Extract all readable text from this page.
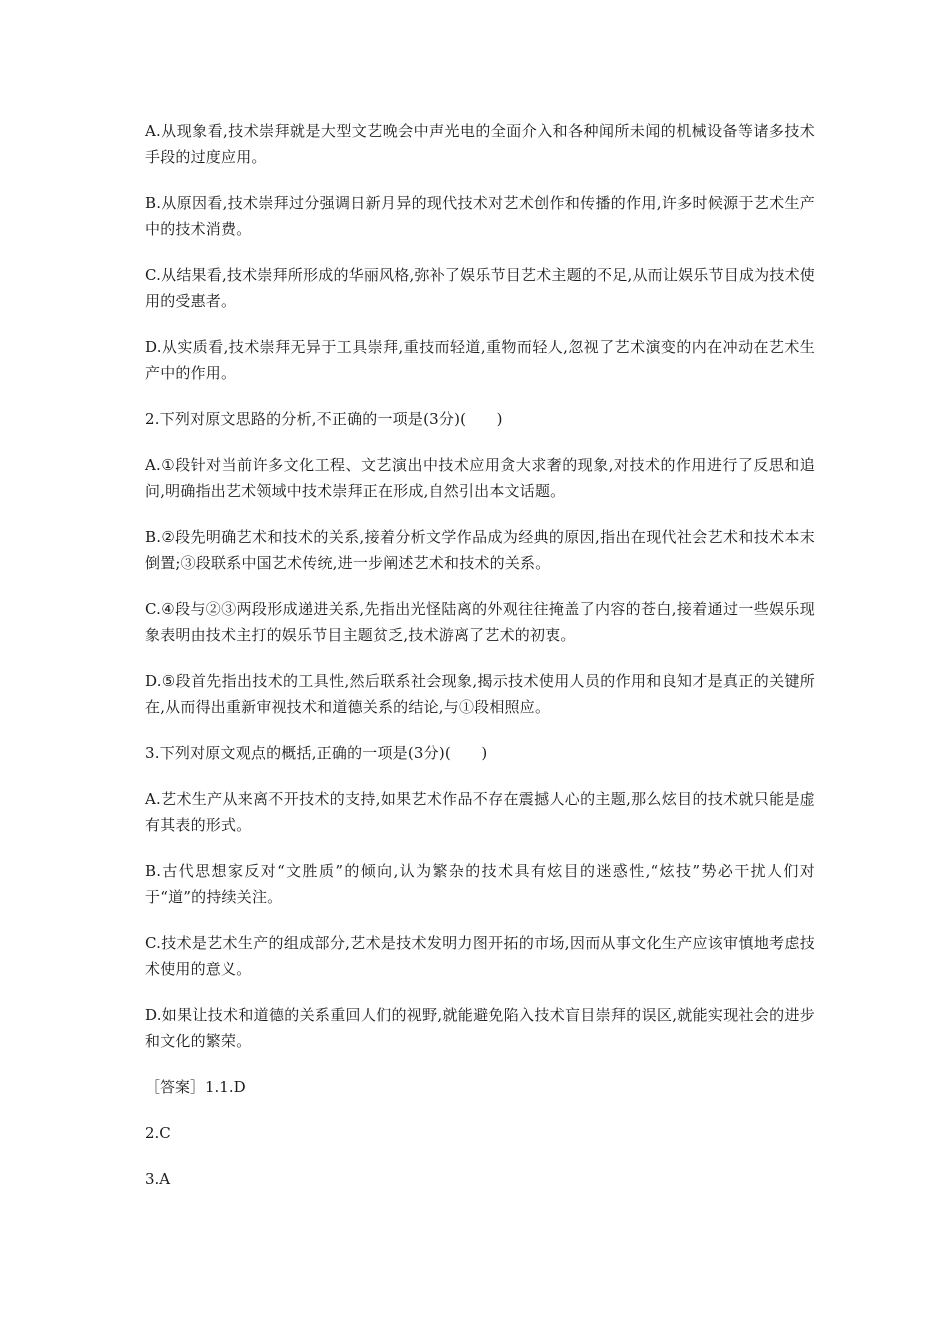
A.从现象看,技术崇拜就是大型文艺晚会中声光电的全面介入和各种闻所未闻的机械设备等诸多技术手段的过度应用。

B.从原因看,技术崇拜过分强调日新月异的现代技术对艺术创作和传播的作用,许多时候源于艺术生产中的技术消费。

C.从结果看,技术崇拜所形成的华丽风格,弥补了娱乐节目艺术主题的不足,从而让娱乐节目成为技术使用的受惠者。

D.从实质看,技术崇拜无异于工具崇拜,重技而轻道,重物而轻人,忽视了艺术演变的内在冲动在艺术生产中的作用。

2.下列对原文思路的分析,不正确的一项是(3分)(　　)

A.①段针对当前许多文化工程、文艺演出中技术应用贪大求奢的现象,对技术的作用进行了反思和追问,明确指出艺术领域中技术崇拜正在形成,自然引出本文话题。

B.②段先明确艺术和技术的关系,接着分析文学作品成为经典的原因,指出在现代社会艺术和技术本末倒置;③段联系中国艺术传统,进一步阐述艺术和技术的关系。

C.④段与②③两段形成递进关系,先指出光怪陆离的外观往往掩盖了内容的苍白,接着通过一些娱乐现象表明由技术主打的娱乐节目主题贫乏,技术游离了艺术的初衷。

D.⑤段首先指出技术的工具性,然后联系社会现象,揭示技术使用人员的作用和良知才是真正的关键所在,从而得出重新审视技术和道德关系的结论,与①段相照应。

3.下列对原文观点的概括,正确的一项是(3分)(　　)

A.艺术生产从来离不开技术的支持,如果艺术作品不存在震撼人心的主题,那么炫目的技术就只能是虚有其表的形式。

B.古代思想家反对“文胜质”的倾向,认为繁杂的技术具有炫目的迷惑性,“炫技”势必干扰人们对于“道”的持续关注。

C.技术是艺术生产的组成部分,艺术是技术发明力图开拓的市场,因而从事文化生产应该审慎地考虑技术使用的意义。

D.如果让技术和道德的关系重回人们的视野,就能避免陷入技术盲目崇拜的误区,就能实现社会的进步和文化的繁荣。

［答案］1.1.D

2.C

3.A
